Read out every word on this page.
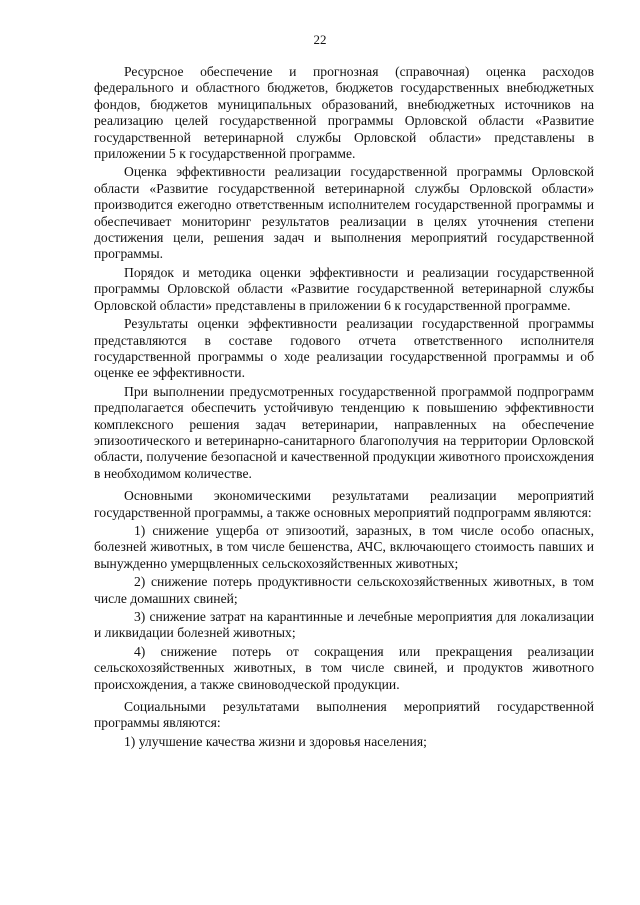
22

Ресурсное обеспечение и прогнозная (справочная) оценка расходов федерального и областного бюджетов, бюджетов государственных внебюджетных фондов, бюджетов муниципальных образований, внебюджетных источников на реализацию целей государственной программы Орловской области «Развитие государственной ветеринарной службы Орловской области» представлены в приложении 5 к государственной программе.

Оценка эффективности реализации государственной программы Орловской области «Развитие государственной ветеринарной службы Орловской области» производится ежегодно ответственным исполнителем государственной программы и обеспечивает мониторинг результатов реализации в целях уточнения степени достижения цели, решения задач и выполнения мероприятий государственной программы.

Порядок и методика оценки эффективности и реализации государственной программы Орловской области «Развитие государственной ветеринарной службы Орловской области» представлены в приложении 6 к государственной программе.

Результаты оценки эффективности реализации государственной программы представляются в составе годового отчета ответственного исполнителя государственной программы о ходе реализации государственной программы и об оценке ее эффективности.

При выполнении предусмотренных государственной программой подпрограмм предполагается обеспечить устойчивую тенденцию к повышению эффективности комплексного решения задач ветеринарии, направленных на обеспечение эпизоотического и ветеринарно-санитарного благополучия на территории Орловской области, получение безопасной и качественной продукции животного происхождения в необходимом количестве.

Основными экономическими результатами реализации мероприятий государственной программы, а также основных мероприятий подпрограмм являются:

1) снижение ущерба от эпизоотий, заразных, в том числе особо опасных, болезней животных, в том числе бешенства, АЧС, включающего стоимость павших и вынужденно умерщвленных сельскохозяйственных животных;

2) снижение потерь продуктивности сельскохозяйственных животных, в том числе домашних свиней;

3) снижение затрат на карантинные и лечебные мероприятия для локализации и ликвидации болезней животных;

4) снижение потерь от сокращения или прекращения реализации сельскохозяйственных животных, в том числе свиней, и продуктов животного происхождения, а также свиноводческой продукции.

Социальными результатами выполнения мероприятий государственной программы являются:

1) улучшение качества жизни и здоровья населения;
